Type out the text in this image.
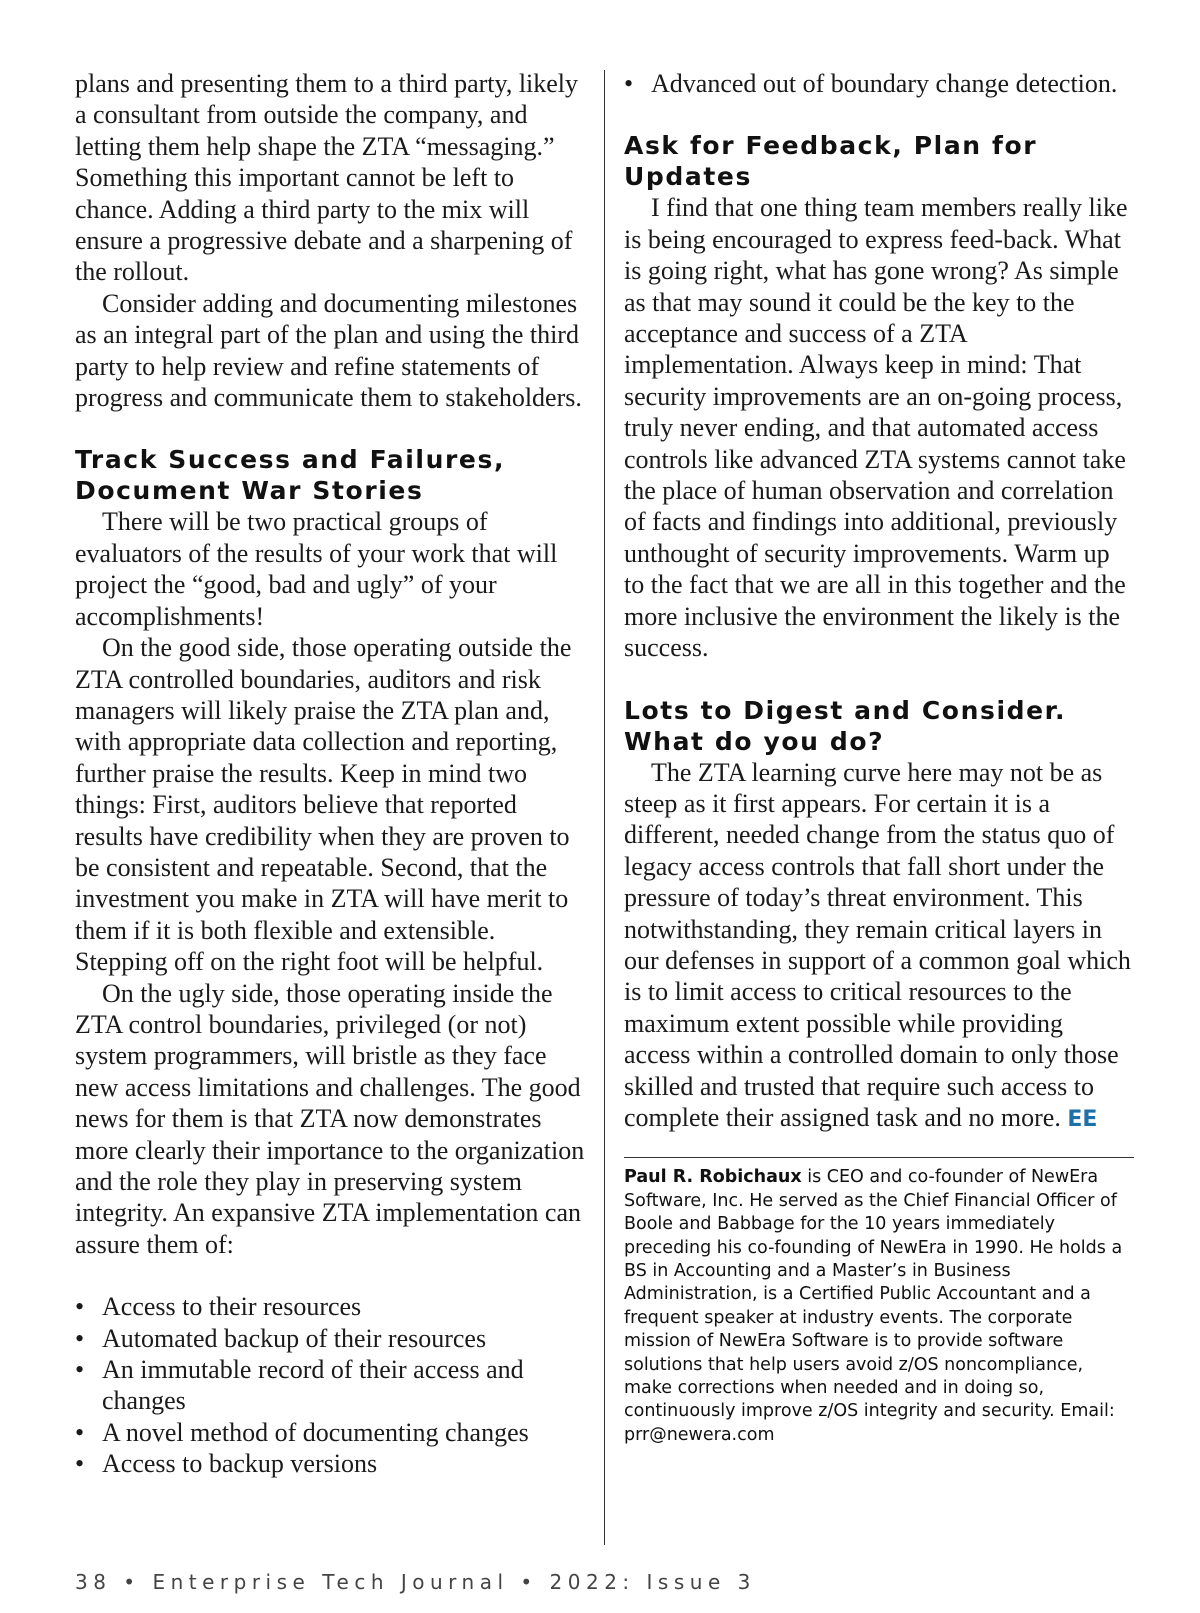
plans and presenting them to a third party, likely a consultant from outside the company, and letting them help shape the ZTA “messaging.” Something this important cannot be left to chance. Adding a third party to the mix will ensure a progressive debate and a sharpening of the rollout.

Consider adding and documenting milestones as an integral part of the plan and using the third party to help review and refine statements of progress and communicate them to stakeholders.

Track Success and Failures, Document War Stories

There will be two practical groups of evaluators of the results of your work that will project the “good, bad and ugly” of your accomplishments!

On the good side, those operating outside the ZTA controlled boundaries, auditors and risk managers will likely praise the ZTA plan and, with appropriate data collection and reporting, further praise the results. Keep in mind two things: First, auditors believe that reported results have credibility when they are proven to be consistent and repeatable. Second, that the investment you make in ZTA will have merit to them if it is both flexible and extensible. Stepping off on the right foot will be helpful.

On the ugly side, those operating inside the ZTA control boundaries, privileged (or not) system programmers, will bristle as they face new access limitations and challenges. The good news for them is that ZTA now demonstrates more clearly their importance to the organization and the role they play in preserving system integrity. An expansive ZTA implementation can assure them of:

• Access to their resources
• Automated backup of their resources
• An immutable record of their access and changes
• A novel method of documenting changes
• Access to backup versions
• Advanced out of boundary change detection.
Ask for Feedback, Plan for Updates

I find that one thing team members really like is being encouraged to express feed-back. What is going right, what has gone wrong? As simple as that may sound it could be the key to the acceptance and success of a ZTA implementation. Always keep in mind: That security improvements are an on-going process, truly never ending, and that automated access controls like advanced ZTA systems cannot take the place of human observation and correlation of facts and findings into additional, previously unthought of security improvements. Warm up to the fact that we are all in this together and the more inclusive the environment the likely is the success.

Lots to Digest and Consider. What do you do?

The ZTA learning curve here may not be as steep as it first appears. For certain it is a different, needed change from the status quo of legacy access controls that fall short under the pressure of today’s threat environment. This notwithstanding, they remain critical layers in our defenses in support of a common goal which is to limit access to critical resources to the maximum extent possible while providing access within a controlled domain to only those skilled and trusted that require such access to complete their assigned task and no more. EE

Paul R. Robichaux is CEO and co-founder of NewEra Software, Inc. He served as the Chief Financial Officer of Boole and Babbage for the 10 years immediately preceding his co-founding of NewEra in 1990. He holds a BS in Accounting and a Master’s in Business Administration, is a Certified Public Accountant and a frequent speaker at industry events. The corporate mission of NewEra Software is to provide software solutions that help users avoid z/OS noncompliance, make corrections when needed and in doing so, continuously improve z/OS integrity and security. Email: prr@newera.com
38 • Enterprise Tech Journal • 2022: Issue 3
